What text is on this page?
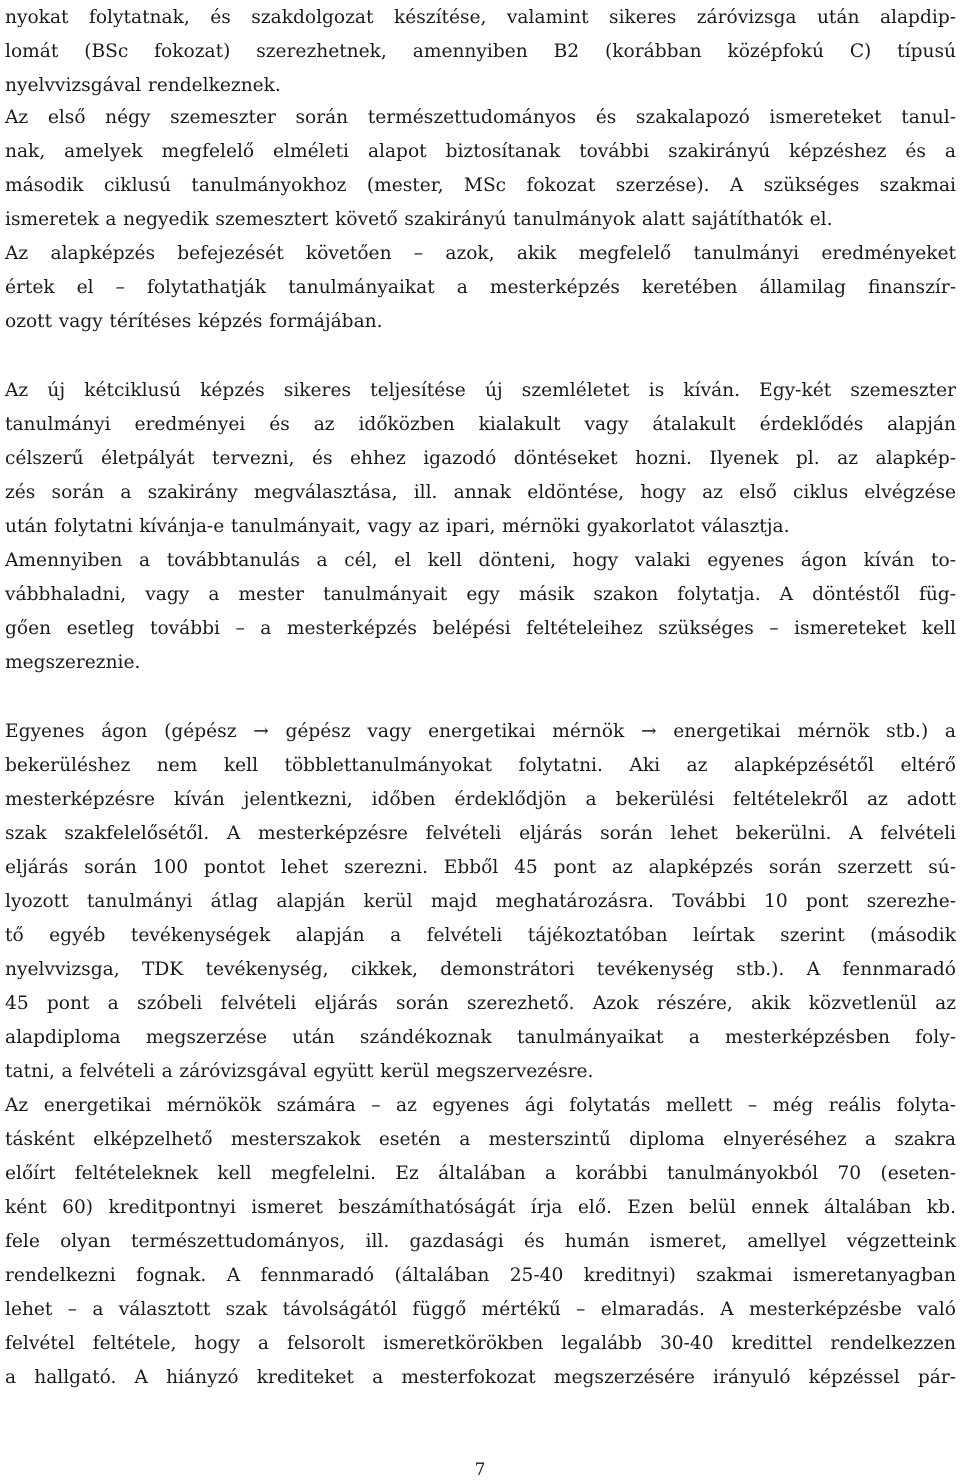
nyokat folytatnak, és szakdolgozat készítése, valamint sikeres záróvizsga után alapdip-
lomát (BSc fokozat) szerezhetnek, amennyiben B2 (korábban középfokú C) típusú
nyelvvizsgával rendelkeznek.
Az első négy szemeszter során természettudományos és szakalapozó ismereteket tanul-
nak, amelyek megfelelő elméleti alapot biztosítanak további szakirányú képzéshez és a
második ciklusú tanulmányokhoz (mester, MSc fokozat szerzése). A szükséges szakmai
ismeretek a negyedik szemesztert követő szakirányú tanulmányok alatt sajátíthatók el.
Az alapképzés befejezését követően – azok, akik megfelelő tanulmányi eredményeket
értek el – folytathatják tanulmányaikat a mesterképzés keretében államilag finanszír-
ozott vagy térítéses képzés formájában.
Az új kétciklusú képzés sikeres teljesítése új szemléletet is kíván. Egy-két szemeszter
tanulmányi eredményei és az időközben kialakult vagy átalakult érdeklődés alapján
célszerű életpályát tervezni, és ehhez igazodó döntéseket hozni. Ilyenek pl. az alapkép-
zés során a szakirány megválasztása, ill. annak eldöntése, hogy az első ciklus elvégzése
után folytatni kívánja-e tanulmányait, vagy az ipari, mérnöki gyakorlatot választja.
Amennyiben a továbbtanulás a cél, el kell dönteni, hogy valaki egyenes ágon kíván to-
vábbhaladni, vagy a mester tanulmányait egy másik szakon folytatja. A döntéstől füg-
gően esetleg további – a mesterképzés belépési feltételeihez szükséges – ismereteket kell
megszereznie.
Egyenes ágon (gépész → gépész vagy energetikai mérnök → energetikai mérnök stb.) a
bekerüléshez nem kell többlettanulmányokat folytatni. Aki az alapképzésétől eltérő
mesterképzésre kíván jelentkezni, időben érdeklődjön a bekerülési feltételekről az adott
szak szakfelelősétől. A mesterképzésre felvételi eljárás során lehet bekerülni. A felvételi
eljárás során 100 pontot lehet szerezni. Ebből 45 pont az alapképzés során szerzett sú-
lyozott tanulmányi átlag alapján kerül majd meghatározásra. További 10 pont szerezhe-
tő egyéb tevékenységek alapján a felvételi tájékoztatóban leírtak szerint (második
nyelvvizsga, TDK tevékenység, cikkek, demonstrátori tevékenység stb.). A fennmaradó
45 pont a szóbeli felvételi eljárás során szerezhető. Azok részére, akik közvetlenül az
alapdiploma megszerzése után szándékoznak tanulmányaikat a mesterképzésben foly-
tatni, a felvételi a záróvizsgával együtt kerül megszervezésre.
Az energetikai mérnökök számára – az egyenes ági folytatás mellett – még reális folyta-
tásként elképzelhető mesterszakok esetén a mesterszintű diploma elnyeréséhez a szakra
előírt feltételeknek kell megfelelni. Ez általában a korábbi tanulmányokból 70 (eseten-
ként 60) kreditpontnyi ismeret beszámíthatóságát írja elő. Ezen belül ennek általában kb.
fele olyan természettudományos, ill. gazdasági és humán ismeret, amellyel végzetteink
rendelkezni fognak. A fennmaradó (általában 25-40 kreditnyi) szakmai ismeretanyagban
lehet – a választott szak távolságától függő mértékű – elmaradás. A mesterképzésbe való
felvétel feltétele, hogy a felsorolt ismeretkörökben legalább 30-40 kredittel rendelkezzen
a hallgató. A hiányzó krediteket a mesterfokozat megszerzésére irányuló képzéssel pár-
7
